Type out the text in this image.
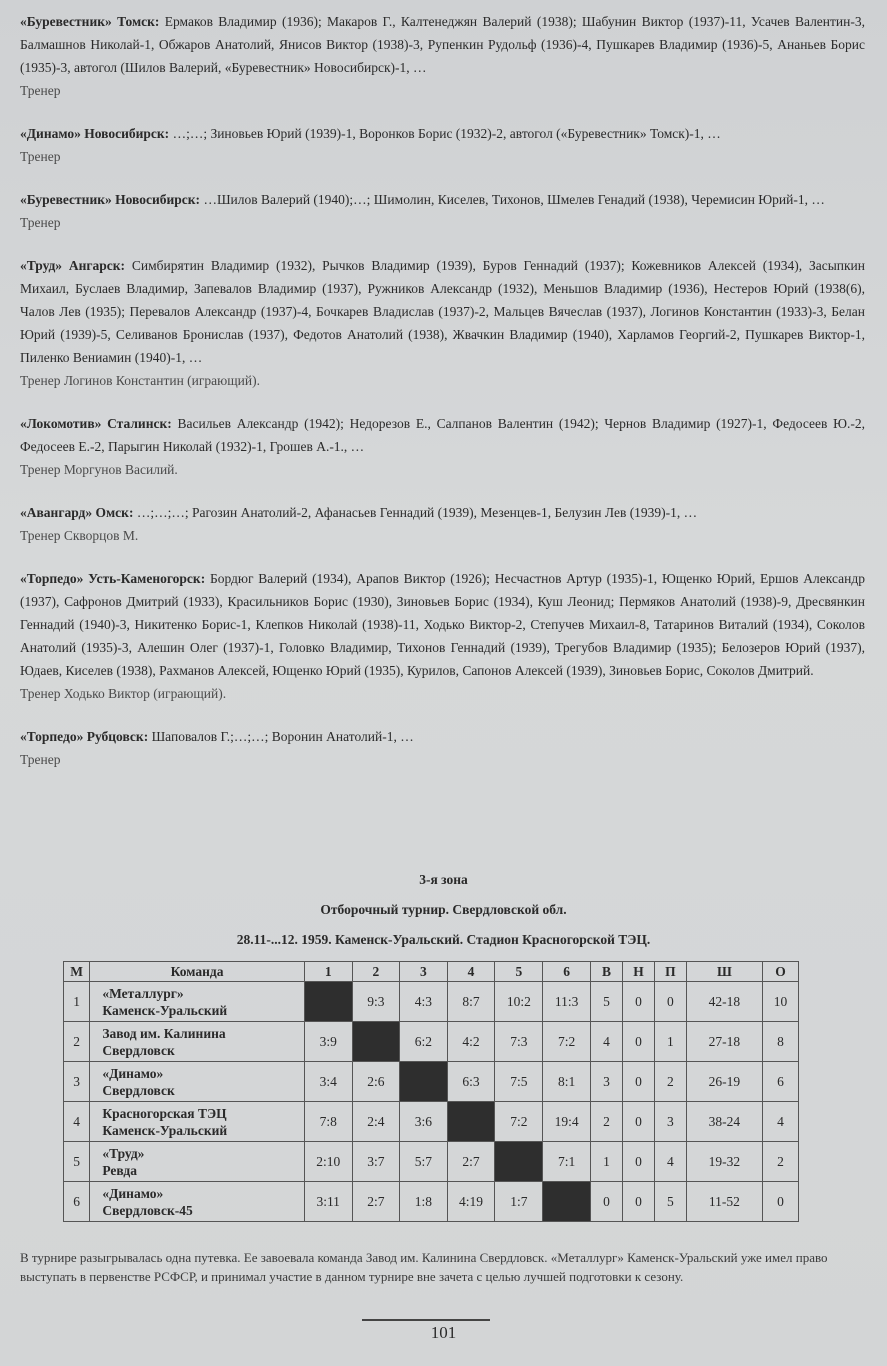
«Буревестник» Томск: Ермаков Владимир (1936); Макаров Г., Калтенеджян Валерий (1938); Шабунин Виктор (1937)-11, Усачев Валентин-3, Балмашнов Николай-1, Обжаров Анатолий, Янисов Виктор (1938)-3, Рупенкин Рудольф (1936)-4, Пушкарев Владимир (1936)-5, Ананьев Борис (1935)-3, автогол (Шилов Валерий, «Буревестник» Новосибирск)-1, …

Тренер

«Динамо» Новосибирск: …;…; Зиновьев Юрий (1939)-1, Воронков Борис (1932)-2, автогол («Буревестник» Томск)-1, …

Тренер

«Буревестник» Новосибирск: …Шилов Валерий (1940);…; Шимолин, Киселев, Тихонов, Шмелев Генадий (1938), Черемисин Юрий-1, …

Тренер

«Труд» Ангарск: Симбирятин Владимир (1932), Рычков Владимир (1939), Буров Геннадий (1937); Кожевников Алексей (1934), Засыпкин Михаил, Буслаев Владимир, Запевалов Владимир (1937), Ружников Александр (1932), Меньшов Владимир (1936), Нестеров Юрий (1938(6), Чалов Лев (1935); Перевалов Александр (1937)-4, Бочкарев Владислав (1937)-2, Мальцев Вячеслав (1937), Логинов Константин (1933)-3, Белан Юрий (1939)-5, Селиванов Бронислав (1937), Федотов Анатолий (1938), Жвачкин Владимир (1940), Харламов Георгий-2, Пушкарев Виктор-1, Пиленко Вениамин (1940)-1, …

Тренер Логинов Константин (играющий).

«Локомотив» Сталинск: Васильев Александр (1942); Недорезов Е., Салпанов Валентин (1942); Чернов Владимир (1927)-1, Федосеев Ю.-2, Федосеев Е.-2, Парыгин Николай (1932)-1, Грошев А.-1., …

Тренер Моргунов Василий.

«Авангард» Омск: …;…;…; Рагозин Анатолий-2, Афанасьев Геннадий (1939), Мезенцев-1, Белузин Лев (1939)-1, …

Тренер Скворцов М.

«Торпедо» Усть-Каменогорск: Бордюг Валерий (1934), Арапов Виктор (1926); Несчастнов Артур (1935)-1, Ющенко Юрий, Ершов Александр (1937), Сафронов Дмитрий (1933), Красильников Борис (1930), Зиновьев Борис (1934), Куш Леонид; Пермяков Анатолий (1938)-9, Дресвянкин Геннадий (1940)-3, Никитенко Борис-1, Клепков Николай (1938)-11, Ходько Виктор-2, Степучев Михаил-8, Татаринов Виталий (1934), Соколов Анатолий (1935)-3, Алешин Олег (1937)-1, Головко Владимир, Тихонов Геннадий (1939), Трегубов Владимир (1935); Белозеров Юрий (1937), Юдаев, Киселев (1938), Рахманов Алексей, Ющенко Юрий (1935), Курилов, Сапонов Алексей (1939), Зиновьев Борис, Соколов Дмитрий.

Тренер Ходько Виктор (играющий).

«Торпедо» Рубцовск: Шаповалов Г.;…;…; Воронин Анатолий-1, …

Тренер
3-я зона
Отборочный турнир. Свердловской обл.
28.11-...12. 1959. Каменск-Уральский. Стадион Красногорской ТЭЦ.
М	Команда	1	2	3	4	5	6	В	Н	П	Ш	О
1	«Металлург»
Каменск-Уральский		9:3	4:3	8:7	10:2	11:3	5	0	0	42-18	10
2	Завод им. Калинина
Свердловск	3:9		6:2	4:2	7:3	7:2	4	0	1	27-18	8
3	«Динамо»
Свердловск	3:4	2:6		6:3	7:5	8:1	3	0	2	26-19	6
4	Красногорская ТЭЦ
Каменск-Уральский	7:8	2:4	3:6		7:2	19:4	2	0	3	38-24	4
5	«Труд»
Ревда	2:10	3:7	5:7	2:7		7:1	1	0	4	19-32	2
6	«Динамо»
Свердловск-45	3:11	2:7	1:8	4:19	1:7		0	0	5	11-52	0
В турнире разыгрывалась одна путевка. Ее завоевала команда Завод им. Калинина Свердловск. «Металлург» Каменск-Уральский уже имел право выступать в первенстве РСФСР, и принимал участие в данном турнире вне зачета с целью лучшей подготовки к сезону.
101
